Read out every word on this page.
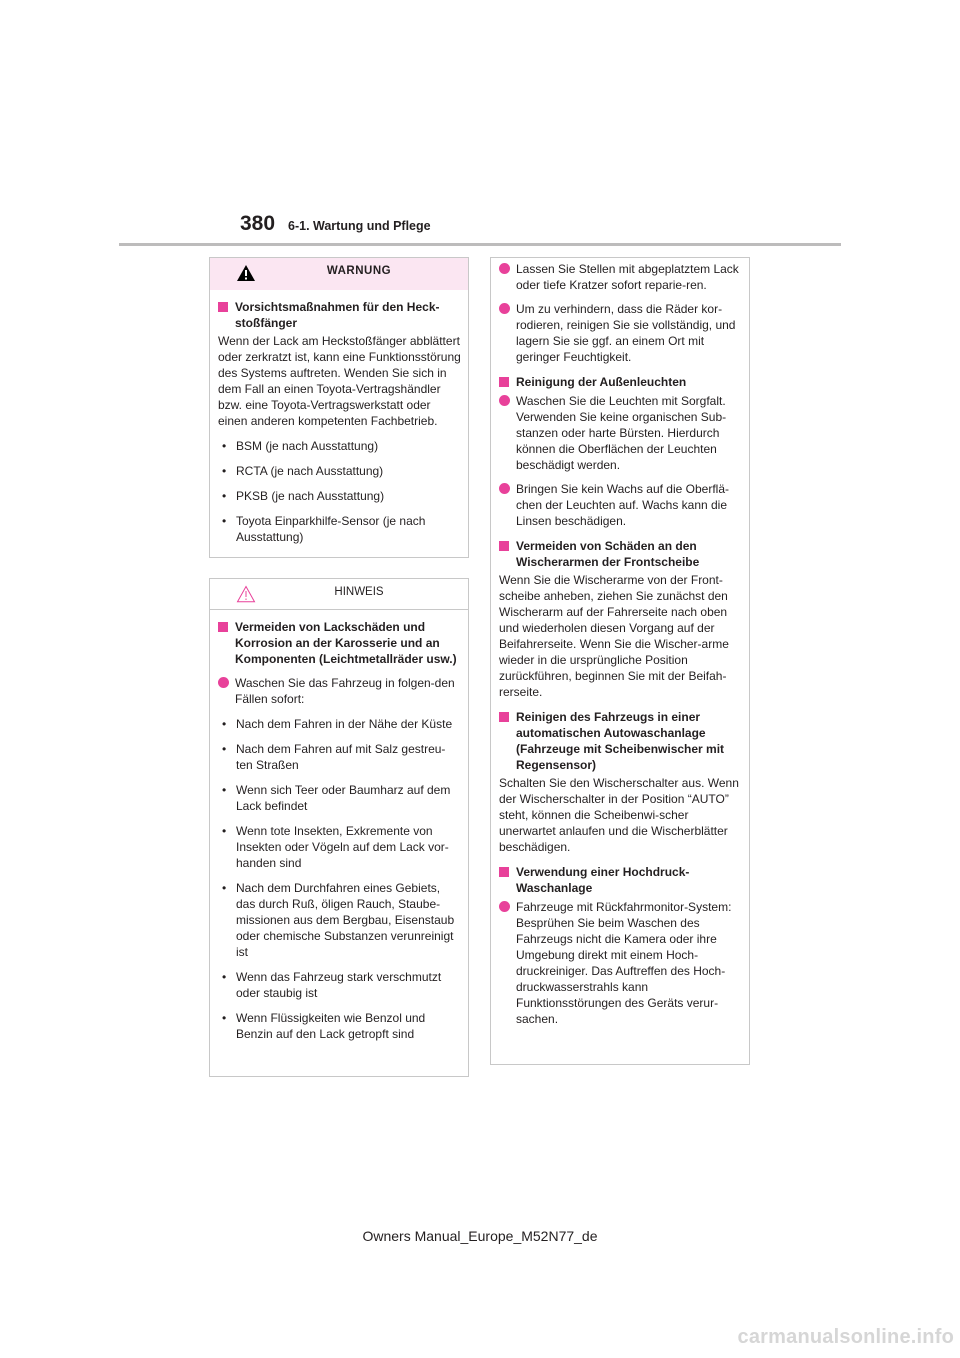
380 6-1. Wartung und Pflege
WARNUNG
Vorsichtsmaßnahmen für den Heck-stoßfänger
Wenn der Lack am Heckstoßfänger abblättert oder zerkratzt ist, kann eine Funktionsstörung des Systems auftreten. Wenden Sie sich in dem Fall an einen Toyota-Vertragshändler bzw. eine Toyota-Vertragswerkstatt oder einen anderen kompetenten Fachbetrieb.
• BSM (je nach Ausstattung)
• RCTA (je nach Ausstattung)
• PKSB (je nach Ausstattung)
• Toyota Einparkhilfe-Sensor (je nach Ausstattung)
HINWEIS
Vermeiden von Lackschäden und Korrosion an der Karosserie und an Komponenten (Leichtmetallräder usw.)
Waschen Sie das Fahrzeug in folgen-den Fällen sofort:
• Nach dem Fahren in der Nähe der Küste
• Nach dem Fahren auf mit Salz gestreu-ten Straßen
• Wenn sich Teer oder Baumharz auf dem Lack befindet
• Wenn tote Insekten, Exkremente von Insekten oder Vögeln auf dem Lack vor-handen sind
• Nach dem Durchfahren eines Gebiets, das durch Ruß, öligen Rauch, Staube-missionen aus dem Bergbau, Eisenstaub oder chemische Substanzen verunreinigt ist
• Wenn das Fahrzeug stark verschmutzt oder staubig ist
• Wenn Flüssigkeiten wie Benzol und Benzin auf den Lack getropft sind
Lassen Sie Stellen mit abgeplatztem Lack oder tiefe Kratzer sofort reparie-ren.
Um zu verhindern, dass die Räder kor-rodieren, reinigen Sie sie vollständig, und lagern Sie sie ggf. an einem Ort mit geringer Feuchtigkeit.
Reinigung der Außenleuchten
Waschen Sie die Leuchten mit Sorgfalt. Verwenden Sie keine organischen Sub-stanzen oder harte Bürsten. Hierdurch können die Oberflächen der Leuchten beschädigt werden.
Bringen Sie kein Wachs auf die Oberflä-chen der Leuchten auf. Wachs kann die Linsen beschädigen.
Vermeiden von Schäden an den Wischerarmen der Frontscheibe
Wenn Sie die Wischerarme von der Front-scheibe anheben, ziehen Sie zunächst den Wischerarm auf der Fahrerseite nach oben und wiederholen diesen Vorgang auf der Beifahrerseite. Wenn Sie die Wischer-arme wieder in die ursprüngliche Position zurückführen, beginnen Sie mit der Beifah-rerseite.
Reinigen des Fahrzeugs in einer automatischen Autowaschanlage (Fahrzeuge mit Scheibenwischer mit Regensensor)
Schalten Sie den Wischerschalter aus. Wenn der Wischerschalter in der Position “AUTO” steht, können die Scheibenwi-scher unerwartet anlaufen und die Wischerblätter beschädigen.
Verwendung einer Hochdruck-Waschanlage
Fahrzeuge mit Rückfahrmonitor-System: Besprühen Sie beim Waschen des Fahrzeugs nicht die Kamera oder ihre Umgebung direkt mit einem Hoch-druckreiniger. Das Auftreffen des Hoch-druckwasserstrahls kann Funktionsstörungen des Geräts verur-sachen.
Owners Manual_Europe_M52N77_de
carmanualsonline.info
